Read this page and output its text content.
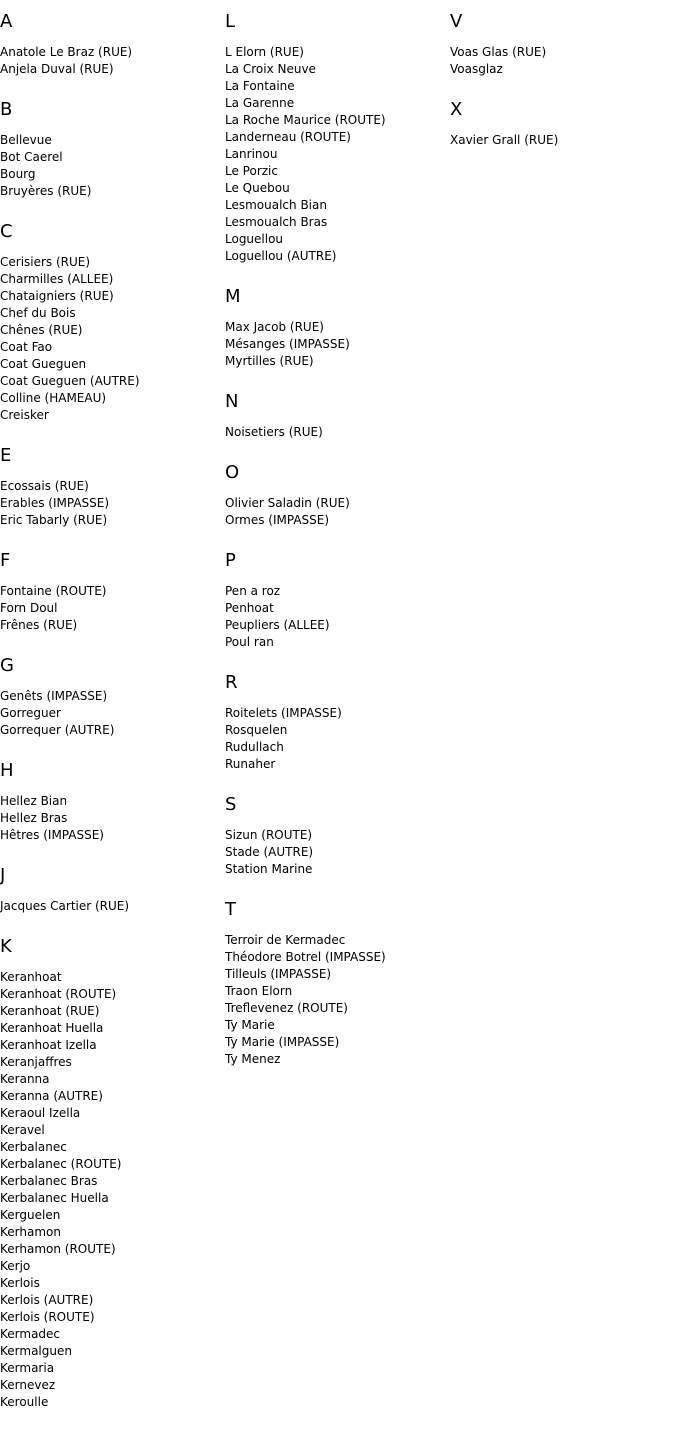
A
Anatole Le Braz (RUE)
Anjela Duval (RUE)
B
Bellevue
Bot Caerel
Bourg
Bruyères (RUE)
C
Cerisiers (RUE)
Charmilles (ALLEE)
Chataigniers (RUE)
Chef du Bois
Chênes (RUE)
Coat Fao
Coat Gueguen
Coat Gueguen (AUTRE)
Colline (HAMEAU)
Creisker
E
Ecossais (RUE)
Erables (IMPASSE)
Eric Tabarly (RUE)
F
Fontaine (ROUTE)
Forn Doul
Frênes (RUE)
G
Genêts (IMPASSE)
Gorreguer
Gorrequer (AUTRE)
H
Hellez Bian
Hellez Bras
Hêtres (IMPASSE)
J
Jacques Cartier (RUE)
K
Keranhoat
Keranhoat (ROUTE)
Keranhoat (RUE)
Keranhoat Huella
Keranhoat Izella
Keranjaffres
Keranna
Keranna (AUTRE)
Keraoul Izella
Keravel
Kerbalanec
Kerbalanec (ROUTE)
Kerbalanec Bras
Kerbalanec Huella
Kerguelen
Kerhamon
Kerhamon (ROUTE)
Kerjo
Kerlois
Kerlois (AUTRE)
Kerlois (ROUTE)
Kermadec
Kermalguen
Kermaria
Kernevez
Keroulle
L
L Elorn (RUE)
La Croix Neuve
La Fontaine
La Garenne
La Roche Maurice (ROUTE)
Landerneau (ROUTE)
Lanrinou
Le Porzic
Le Quebou
Lesmoualch Bian
Lesmoualch Bras
Loguellou
Loguellou (AUTRE)
M
Max Jacob (RUE)
Mésanges (IMPASSE)
Myrtilles (RUE)
N
Noisetiers (RUE)
O
Olivier Saladin (RUE)
Ormes (IMPASSE)
P
Pen a roz
Penhoat
Peupliers (ALLEE)
Poul ran
R
Roitelets (IMPASSE)
Rosquelen
Rudullach
Runaher
S
Sizun (ROUTE)
Stade (AUTRE)
Station Marine
T
Terroir de Kermadec
Théodore Botrel (IMPASSE)
Tilleuls (IMPASSE)
Traon Elorn
Treflevenez (ROUTE)
Ty Marie
Ty Marie (IMPASSE)
Ty Menez
V
Voas Glas (RUE)
Voasglaz
X
Xavier Grall (RUE)
